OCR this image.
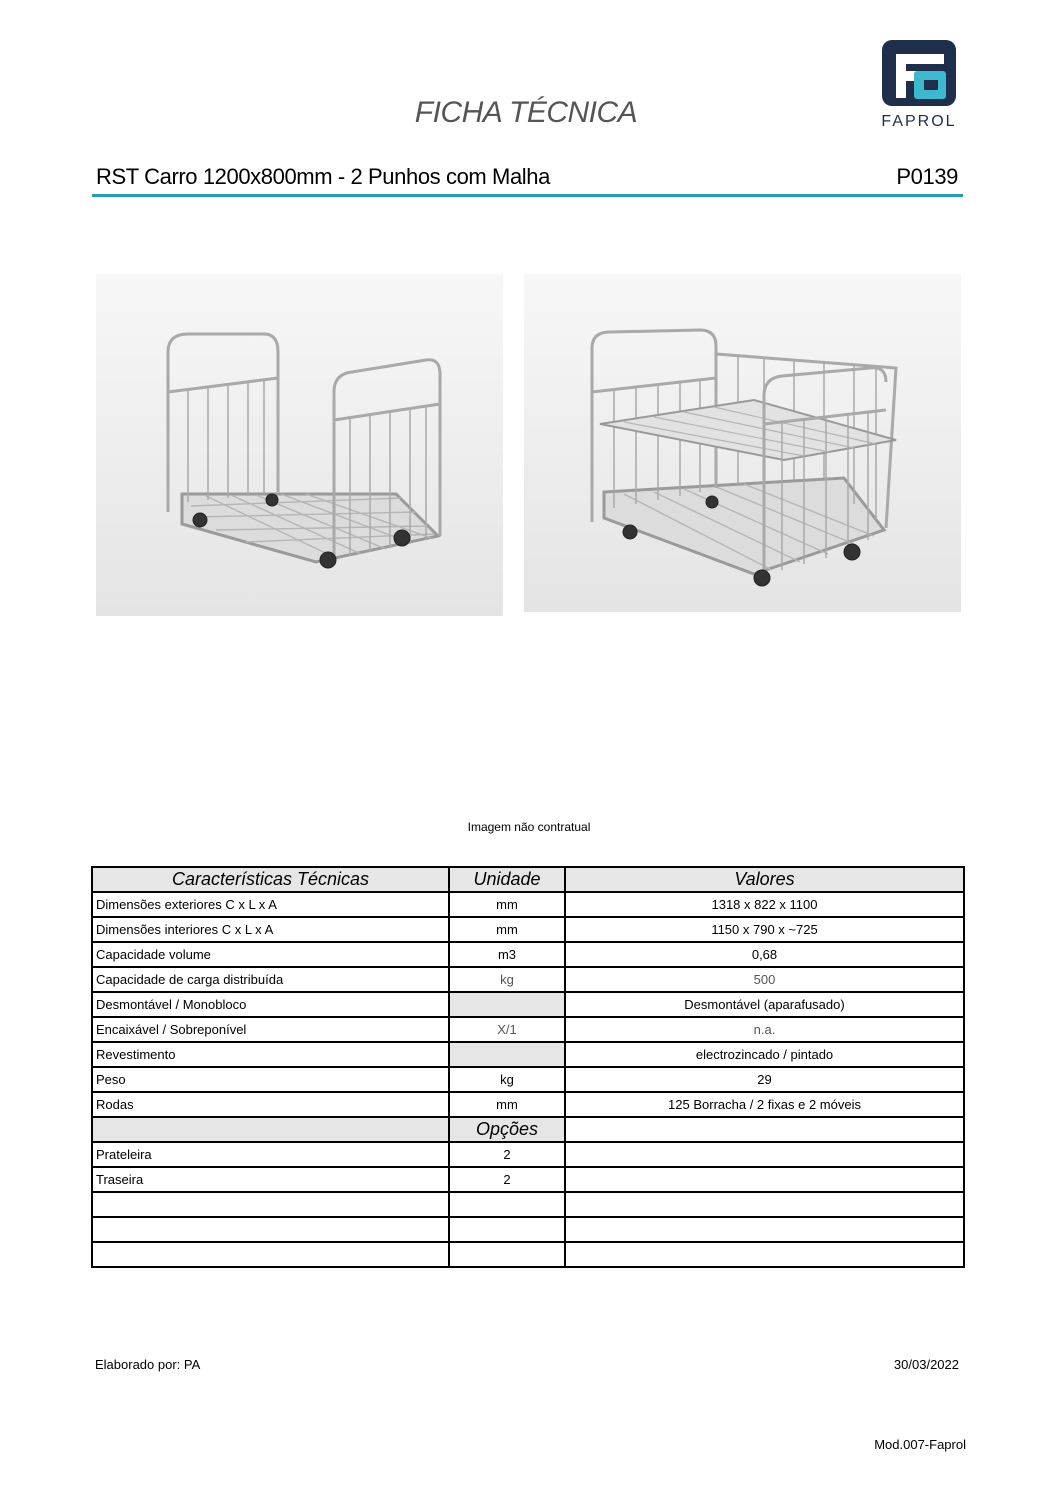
FICHA TÉCNICA	FAPROL
RST Carro 1200x800mm - 2 Punhos com Malha	P0139
Imagem não contratual
Características Técnicas	Unidade	Valores
Dimensões exteriores C x L x A	mm	1318 x 822 x 1100
Dimensões interiores C x L x A	mm	1150 x 790 x ~725
Capacidade volume	m3	0,68
Capacidade de carga distribuída	kg	500
Desmontável / Monobloco		Desmontável (aparafusado)
Encaixável / Sobreponível	X/1	n.a.
Revestimento		electrozincado / pintado
Peso	kg	29
Rodas	mm	125 Borracha / 2 fixas e 2 móveis
	Opções	
Prateleira	2	
Traseira	2	

Elaborado por: PA	30/03/2022
Mod.007-Faprol
